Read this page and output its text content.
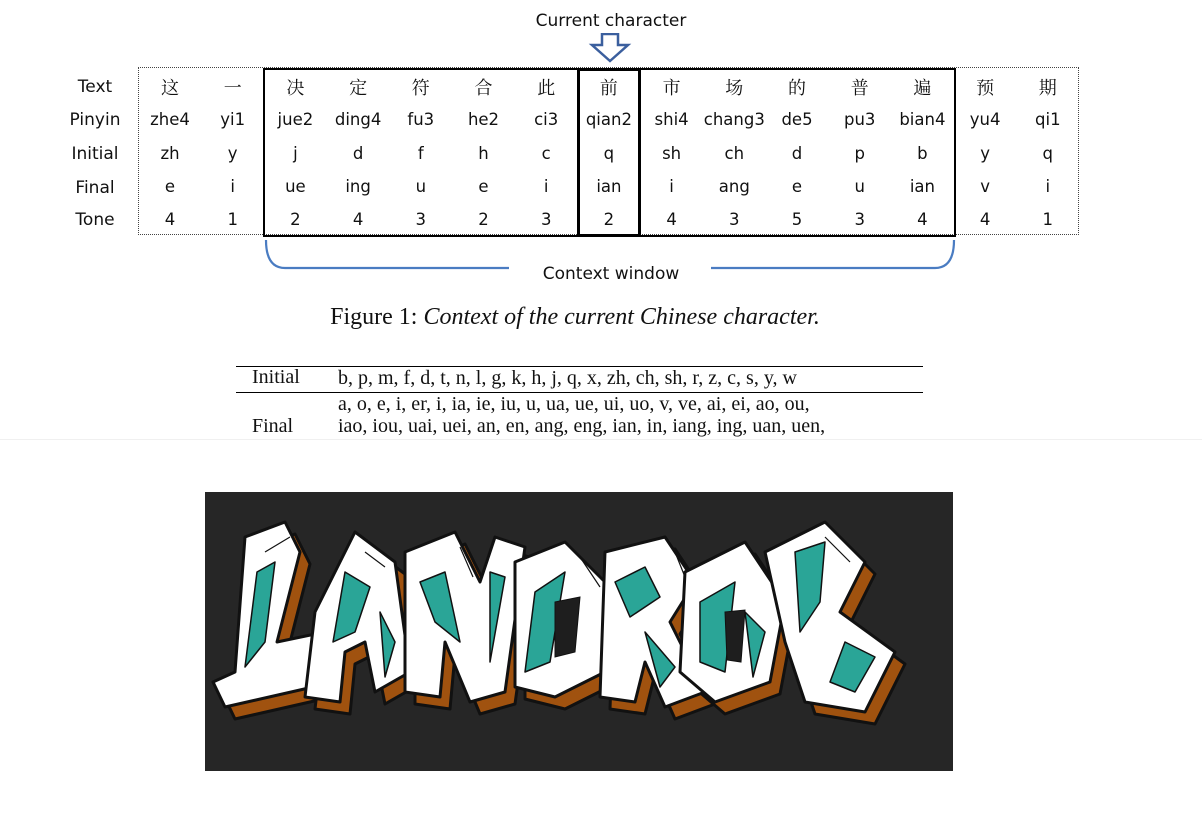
Current character
Text
Pinyin
Initial
Final
Tone
这
zhe4
zh
e
4
一
yi1
y
i
1
决
jue2
j
ue
2
定
ding4
d
ing
4
符
fu3
f
u
3
合
he2
h
e
2
此
ci3
c
i
3
前
qian2
q
ian
2
市
shi4
sh
i
4
场
chang3
ch
ang
3
的
de5
d
e
5
普
pu3
p
u
3
遍
bian4
b
ian
4
预
yu4
y
v
4
期
qi1
q
i
1
Context window
Figure 1: Context of the current Chinese character.
Initial b, p, m, f, d, t, n, l, g, k, h, j, q, x, zh, ch, sh, r, z, c, s, y, w
a, o, e, i, er, i, ia, ie, iu, u, ua, ue, ui, uo, v, ve, ai, ei, ao, ou,
Final iao, iou, uai, uei, an, en, ang, eng, ian, in, iang, ing, uan, uen,
